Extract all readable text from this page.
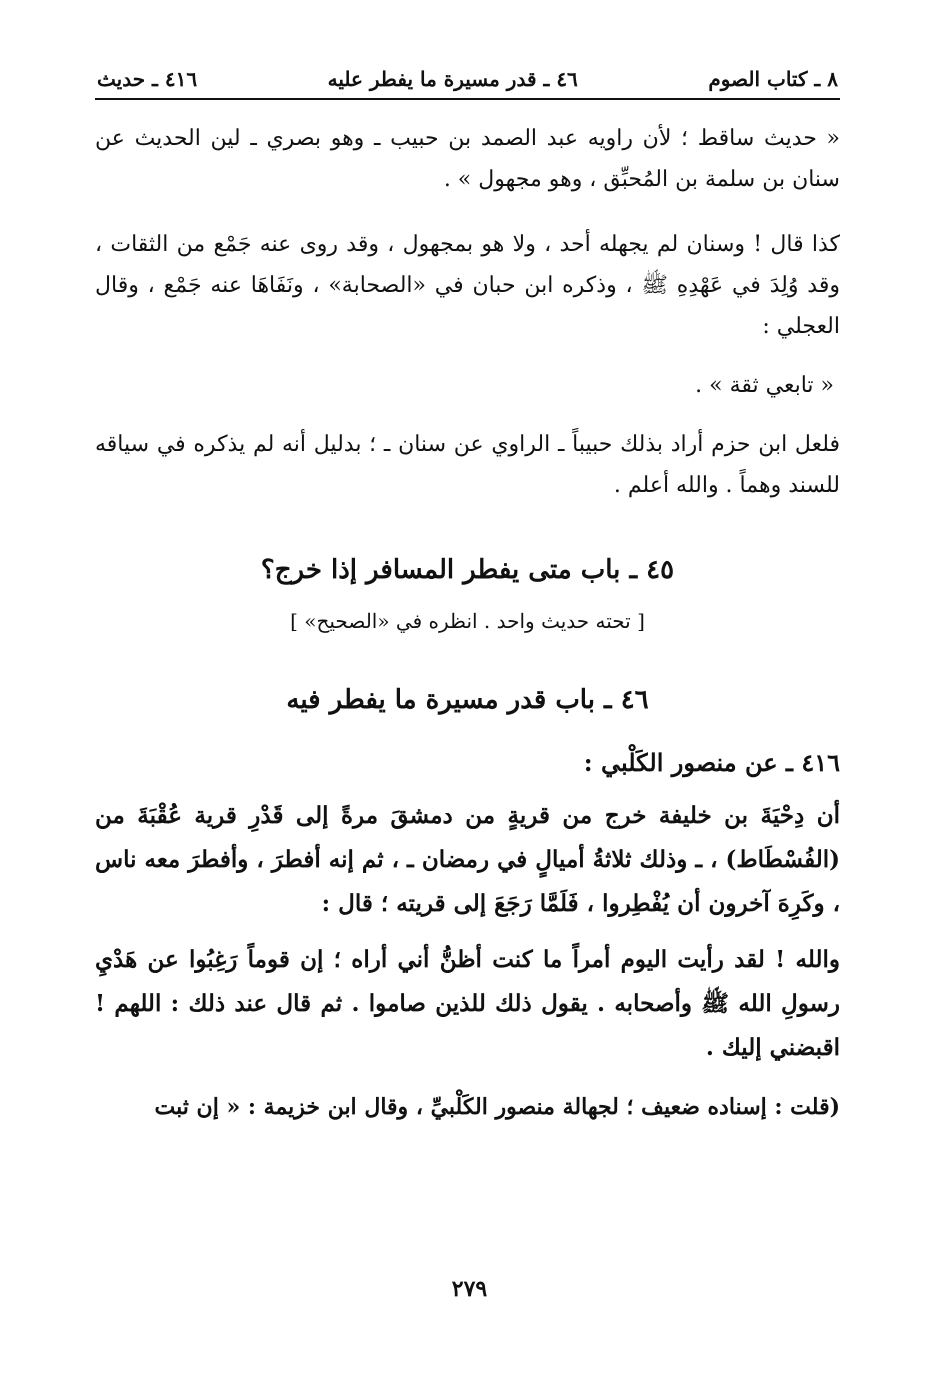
٨ ـ كتاب الصوم
٤٦ ـ قدر مسيرة ما يفطر عليه
٤١٦ ـ حديث

« حديث ساقط ؛ لأن راويه عبد الصمد بن حبيب ـ وهو بصري ـ لين الحديث عن سنان بن سلمة بن المُحبِّق ، وهو مجهول » .

كذا قال ! وسنان لم يجهله أحد ، ولا هو بمجهول ، وقد روى عنه جَمْع من الثقات ، وقد وُلِدَ في عَهْدِهِ ﷺ ، وذكره ابن حبان في «الصحابة» ، ونَفَاهَا عنه جَمْع ، وقال العجلي :

« تابعي ثقة » .

فلعل ابن حزم أراد بذلك حبيباً ـ الراوي عن سنان ـ ؛ بدليل أنه لم يذكره في سياقه للسند وهماً . والله أعلم .

٤٥ ـ باب متى يفطر المسافر إذا خرج؟
[ تحته حديث واحد . انظره في «الصحيح» ]
٤٦ ـ باب قدر مسيرة ما يفطر فيه
٤١٦ ـ عن منصور الكَلْبي :

أن دِحْيَةَ بن خليفة خرج من قريةٍ من دمشقَ مرةً إلى قَدْرِ قرية عُقْبَةَ من (الفُسْطَاط) ، ـ وذلك ثلاثةُ أميالٍ في رمضان ـ ، ثم إنه أفطرَ ، وأفطرَ معه ناس ، وكَرِهَ آخرون أن يُفْطِروا ، فَلَمَّا رَجَعَ إلى قريته ؛ قال :

والله ! لقد رأيت اليوم أمراً ما كنت أظنُّ أني أراه ؛ إن قوماً رَغِبُوا عن هَدْيِ رسولِ الله ﷺ وأصحابه . يقول ذلك للذين صاموا . ثم قال عند ذلك : اللهم ! اقبضني إليك .

(قلت : إسناده ضعيف ؛ لجهالة منصور الكَلْبيِّ ، وقال ابن خزيمة : « إن ثبت

٢٧٩
